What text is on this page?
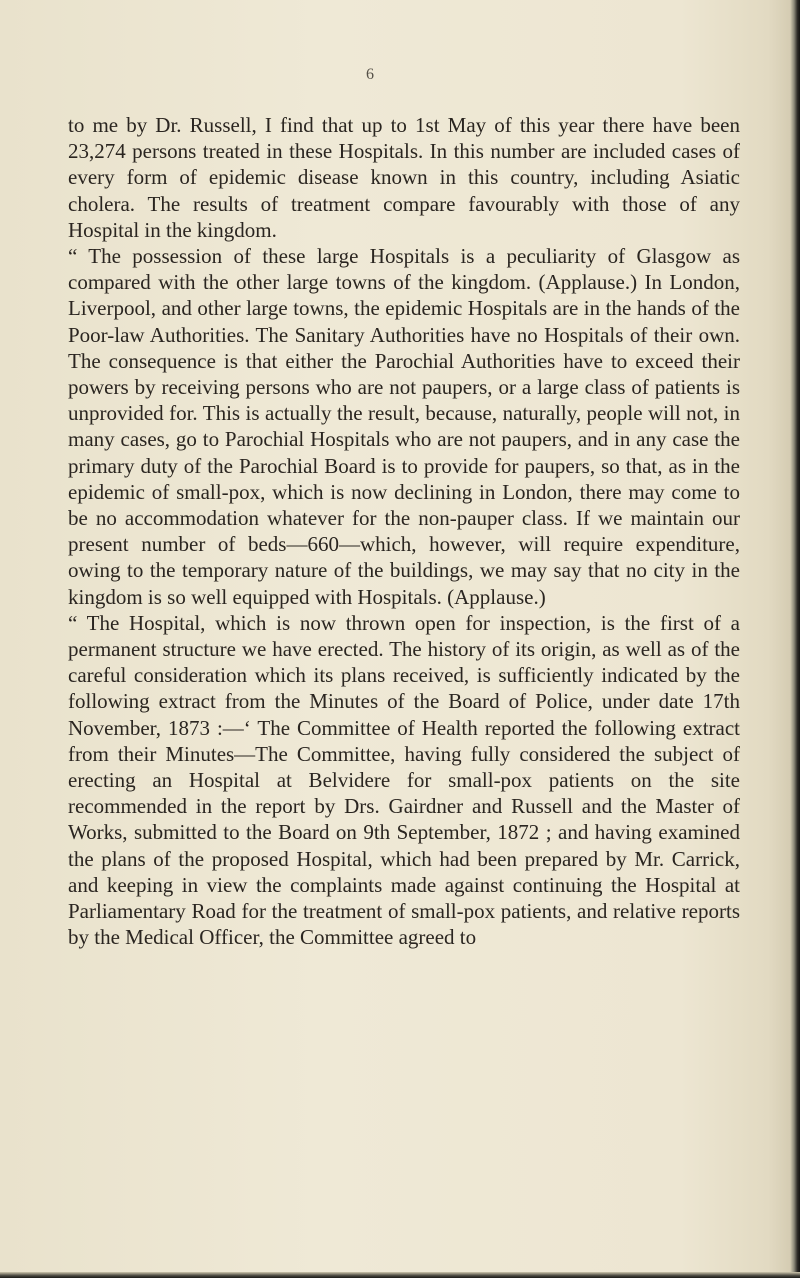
6

to me by Dr. Russell, I find that up to 1st May of this year there have been 23,274 persons treated in these Hospitals. In this number are included cases of every form of epidemic disease known in this country, including Asiatic cholera. The results of treatment compare favourably with those of any Hospital in the kingdom.

“ The possession of these large Hospitals is a peculiarity of Glasgow as compared with the other large towns of the kingdom. (Applause.) In London, Liverpool, and other large towns, the epidemic Hospitals are in the hands of the Poor-law Authorities. The Sanitary Authorities have no Hospitals of their own. The consequence is that either the Parochial Authorities have to exceed their powers by receiving persons who are not paupers, or a large class of patients is unprovided for. This is actually the result, because, naturally, people will not, in many cases, go to Parochial Hospitals who are not paupers, and in any case the primary duty of the Parochial Board is to provide for paupers, so that, as in the epidemic of small-pox, which is now declining in London, there may come to be no accommodation whatever for the non-pauper class. If we maintain our present number of beds—660—which, however, will require expenditure, owing to the temporary nature of the buildings, we may say that no city in the kingdom is so well equipped with Hospitals. (Applause.)

“ The Hospital, which is now thrown open for inspection, is the first of a permanent structure we have erected. The history of its origin, as well as of the careful consideration which its plans received, is sufficiently indicated by the following extract from the Minutes of the Board of Police, under date 17th November, 1873 :—‘ The Committee of Health reported the following extract from their Minutes—The Committee, having fully considered the subject of erecting an Hospital at Belvidere for small-pox patients on the site recommended in the report by Drs. Gairdner and Russell and the Master of Works, submitted to the Board on 9th September, 1872 ; and having examined the plans of the proposed Hospital, which had been prepared by Mr. Carrick, and keeping in view the complaints made against continuing the Hospital at Parliamentary Road for the treatment of small-pox patients, and relative reports by the Medical Officer, the Committee agreed to
